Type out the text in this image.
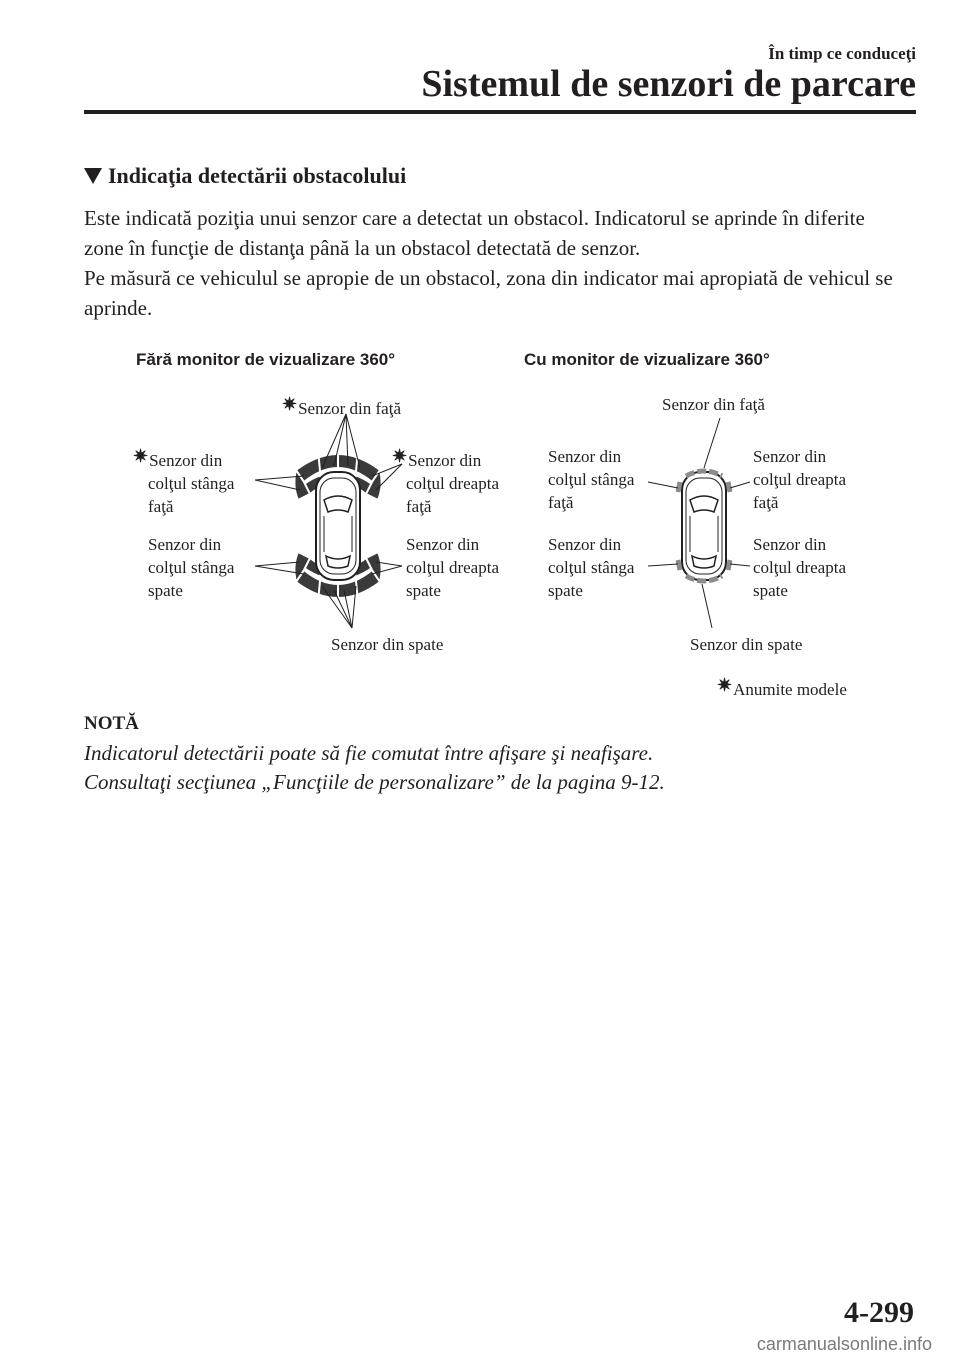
În timp ce conduceţi
Sistemul de senzori de parcare
Indicaţia detectării obstacolului

Este indicată poziţia unui senzor care a detectat un obstacol. Indicatorul se aprinde în diferite zone în funcţie de distanţa până la un obstacol detectată de senzor.

Pe măsură ce vehiculul se apropie de un obstacol, zona din indicator mai apropiată de vehicul se aprinde.

Fără monitor de vizualizare 360°
✷Senzor din faţă
✷Senzor din
colţul stânga
faţă
✷Senzor din
colţul dreapta
faţă
Senzor din
colţul stânga
spate
Senzor din
colţul dreapta
spate
Senzor din spate
Cu monitor de vizualizare 360°
Senzor din faţă
Senzor din
colţul stânga
faţă
Senzor din
colţul dreapta
faţă
Senzor din
colţul stânga
spate
Senzor din
colţul dreapta
spate
Senzor din spate
✷Anumite modele
NOTĂ
Indicatorul detectării poate să fie comutat între afişare şi neafişare.
Consultaţi secţiunea „Funcţiile de personalizare” de la pagina 9-12.
4-299
carmanualsonline.info
